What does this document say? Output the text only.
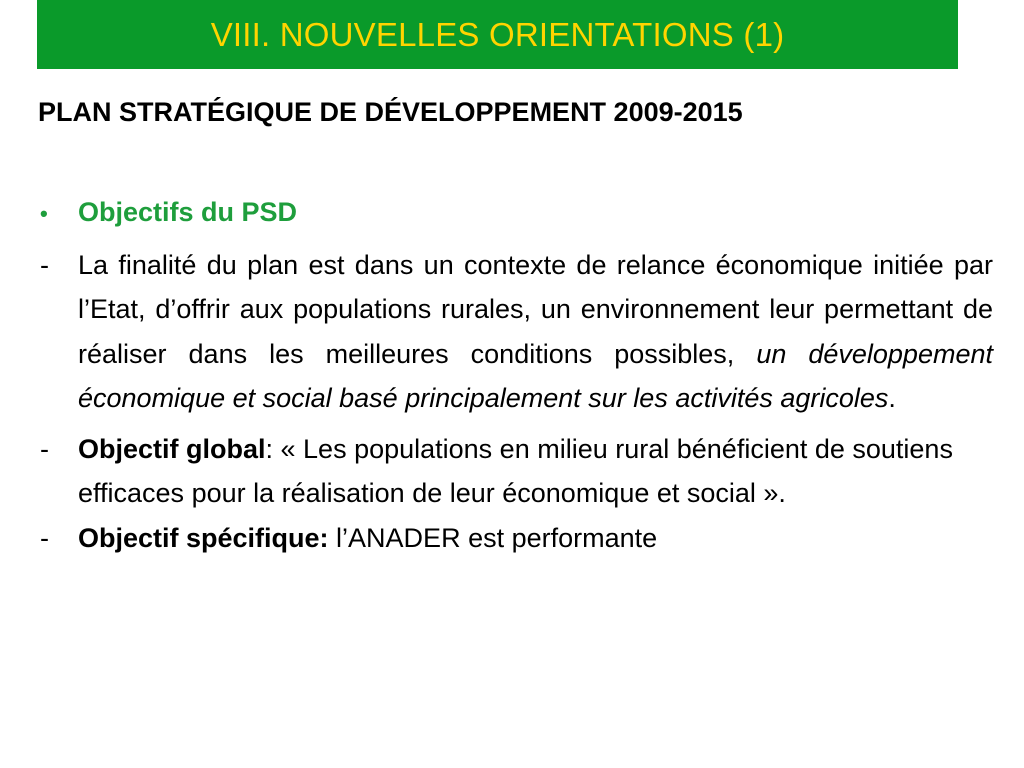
VIII. NOUVELLES ORIENTATIONS (1)
PLAN STRATÉGIQUE DE DÉVELOPPEMENT 2009-2015
•	Objectifs du PSD
-	La finalité du plan est dans un contexte de relance économique initiée par l’Etat, d’offrir aux populations rurales, un environnement leur permettant de réaliser dans les meilleures conditions possibles, un développement économique et social basé principalement sur les activités agricoles.
-	Objectif global: « Les populations en milieu rural bénéficient de soutiens efficaces pour la réalisation de leur économique et social ».
-	Objectif spécifique: l’ANADER est performante
